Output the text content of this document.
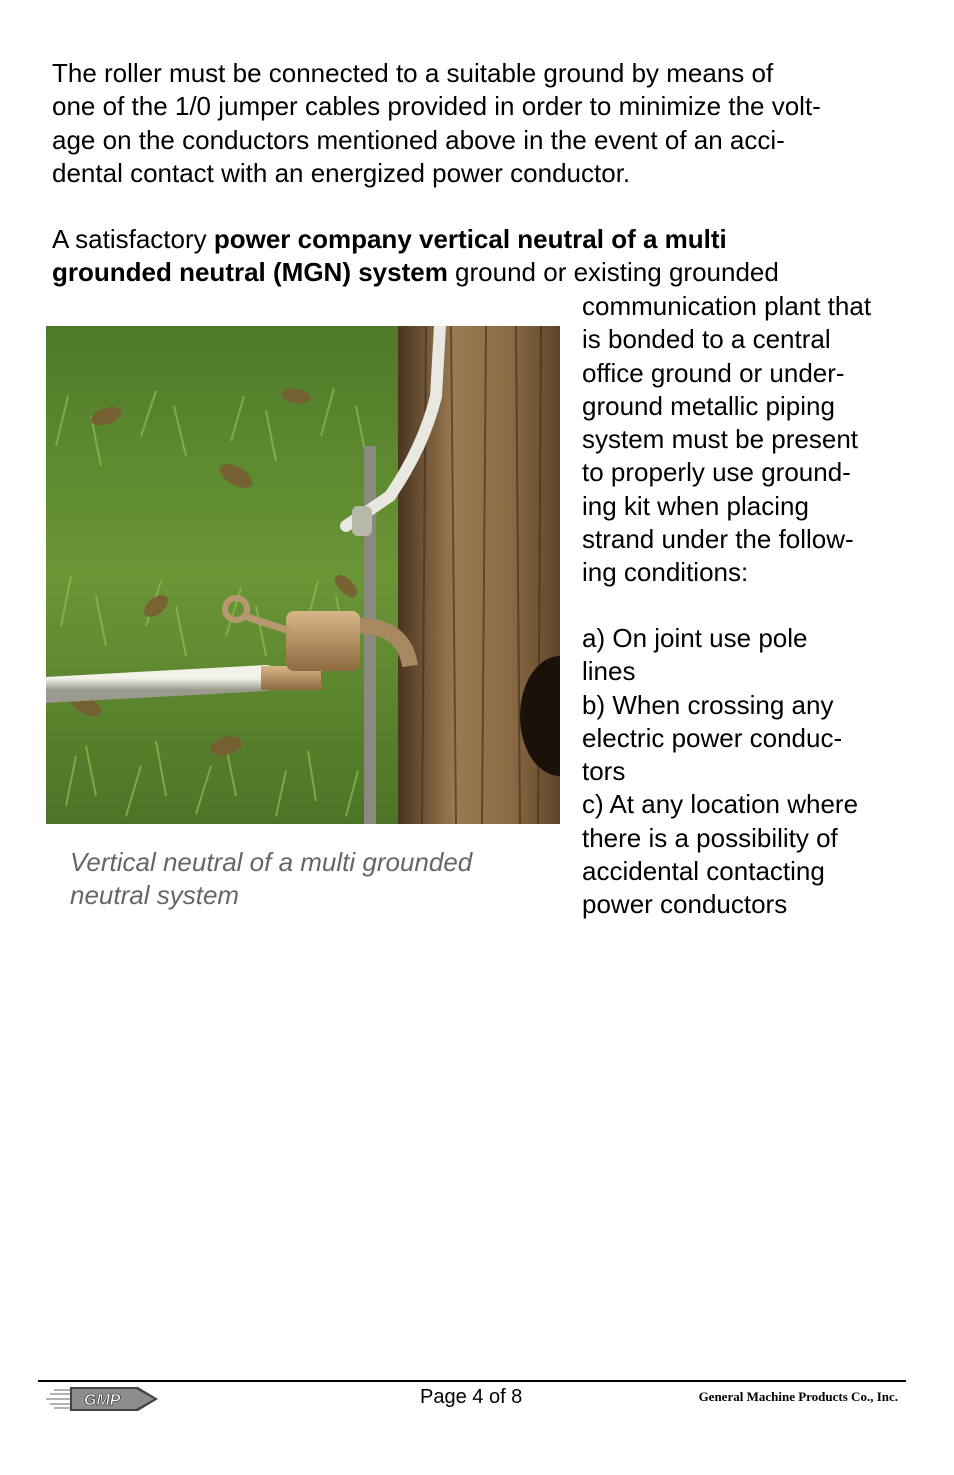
The roller must be connected to a suitable ground by means of
one of the 1/0 jumper cables provided in order to minimize the volt-
age on the conductors mentioned above in the event of an acci-
dental contact with an energized power conductor.
A satisfactory power company vertical neutral of a multi
grounded neutral (MGN) system ground or existing grounded
communication plant that
is bonded to a central
office ground or under-
ground metallic piping
system must be present
to properly use ground-
ing kit when placing
strand under the follow-
ing conditions:
a) On joint use pole
lines
b) When crossing any
electric power conduc-
tors
c) At any location where
there is a possibility of
accidental contacting
power conductors

Vertical neutral of a multi grounded
neutral system

GMP	Page 4 of 8	General Machine Products Co., Inc.
